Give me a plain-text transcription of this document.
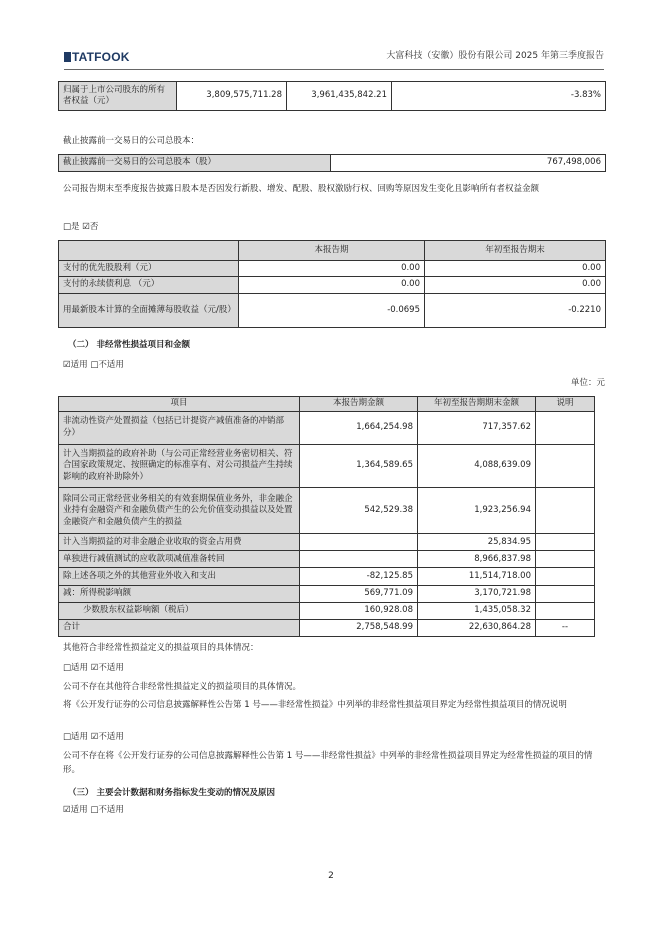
TATFOOK	大富科技（安徽）股份有限公司 2025 年第三季度报告
归属于上市公司股东的所有者权益（元）	3,809,575,711.28	3,961,435,842.21	-3.83%
截止披露前一交易日的公司总股本：
截止披露前一交易日的公司总股本（股）	767,498,006
公司报告期末至季度报告披露日股本是否因发行新股、增发、配股、股权激励行权、回购等原因发生变化且影响所有者权益金额
□是 ☑否
	本报告期	年初至报告期末
支付的优先股股利（元）	0.00	0.00
支付的永续债利息 （元）	0.00	0.00
用最新股本计算的全面摊薄每股收益（元/股）	-0.0695	-0.2210
（二） 非经常性损益项目和金额
☑适用 □不适用
单位：元
项目	本报告期金额	年初至报告期期末金额	说明
非流动性资产处置损益（包括已计提资产减值准备的冲销部分）	1,664,254.98	717,357.62	
计入当期损益的政府补助（与公司正常经营业务密切相关、符合国家政策规定、按照确定的标准享有、对公司损益产生持续影响的政府补助除外）	1,364,589.65	4,088,639.09	
除同公司正常经营业务相关的有效套期保值业务外，非金融企业持有金融资产和金融负债产生的公允价值变动损益以及处置金融资产和金融负债产生的损益	542,529.38	1,923,256.94	
计入当期损益的对非金融企业收取的资金占用费		25,834.95	
单独进行减值测试的应收款项减值准备转回		8,966,837.98	
除上述各项之外的其他营业外收入和支出	-82,125.85	11,514,718.00	
减：所得税影响额	569,771.09	3,170,721.98	
少数股东权益影响额（税后）	160,928.08	1,435,058.32	
合计	2,758,548.99	22,630,864.28	--
其他符合非经常性损益定义的损益项目的具体情况：
□适用 ☑不适用
公司不存在其他符合非经常性损益定义的损益项目的具体情况。
将《公开发行证券的公司信息披露解释性公告第 1 号——非经常性损益》中列举的非经常性损益项目界定为经常性损益项目的情况说明
□适用 ☑不适用
公司不存在将《公开发行证券的公司信息披露解释性公告第 1 号——非经常性损益》中列举的非经常性损益项目界定为经常性损益的项目的情形。
（三） 主要会计数据和财务指标发生变动的情况及原因
☑适用 □不适用
2
